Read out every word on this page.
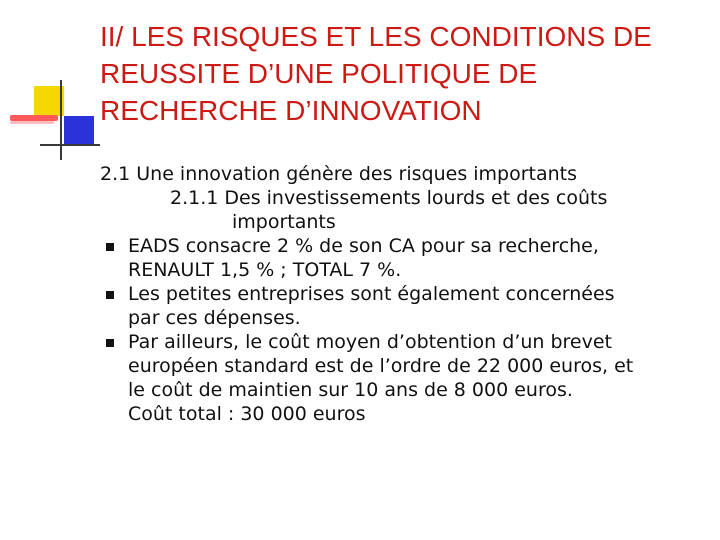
II/ LES RISQUES ET LES CONDITIONS DE
REUSSITE D’UNE POLITIQUE DE
RECHERCHE D’INNOVATION
2.1 Une innovation génère des risques importants
2.1.1 Des investissements lourds et des coûts
importants
EADS consacre 2 % de son CA pour sa recherche,
RENAULT 1,5 % ; TOTAL 7 %.
Les petites entreprises sont également concernées
par ces dépenses.
Par ailleurs, le coût moyen d’obtention d’un brevet
européen standard est de l’ordre de 22 000 euros, et
le coût de maintien sur 10 ans de 8 000 euros.
Coût total : 30 000 euros
